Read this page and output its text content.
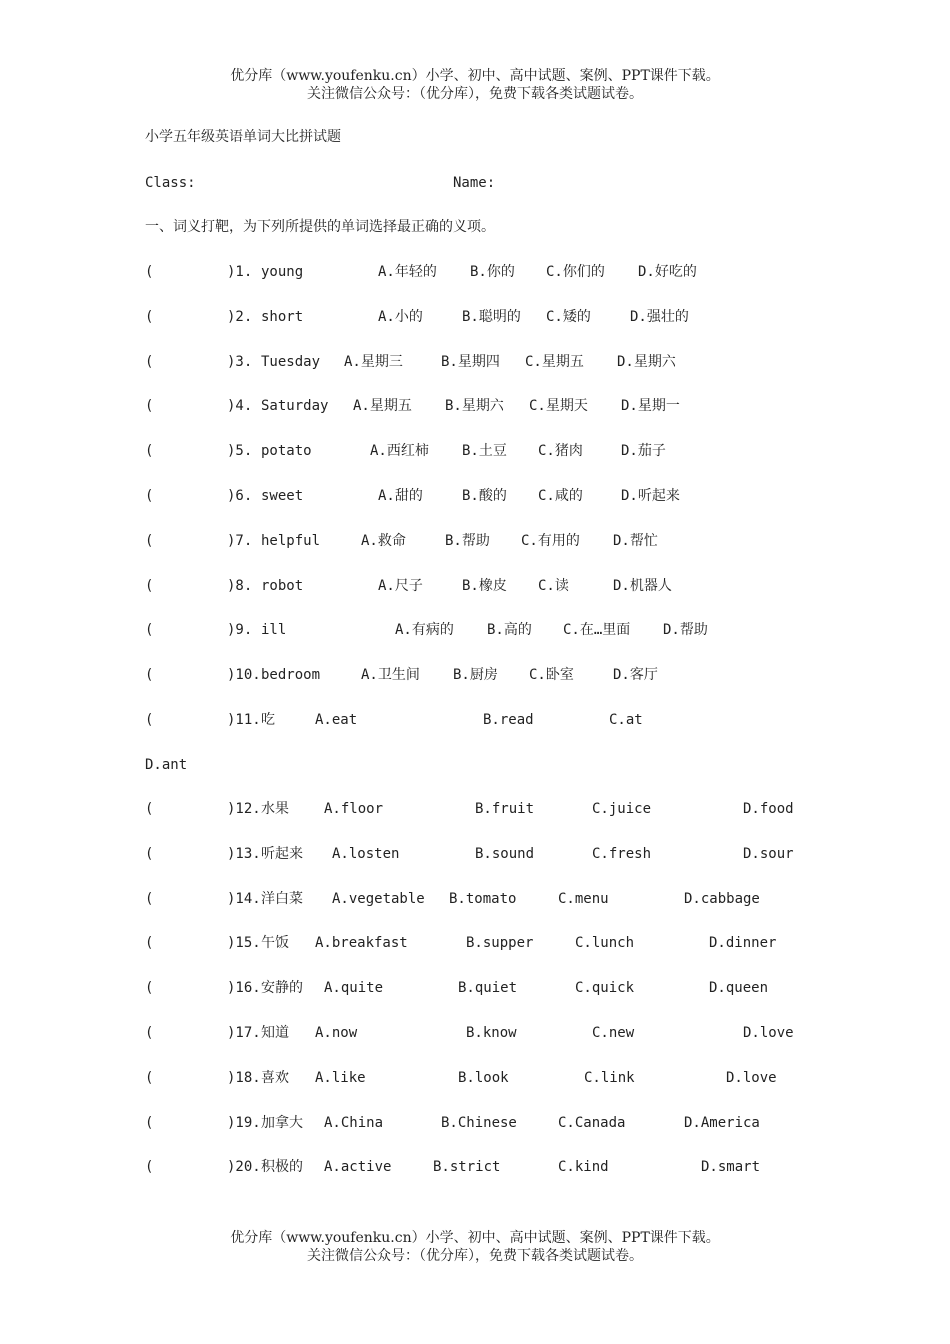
优分库（www.youfenku.cn）小学、初中、高中试题、案例、PPT课件下载。
关注微信公众号：（优分库），免费下载各类试题试卷。
小学五年级英语单词大比拼试题
Class:	Name:
一、词义打靶，为下列所提供的单词选择最正确的义项。
(	)1. young	A.年轻的 B.你的 C.你们的 D.好吃的
(	)2. short	A.小的	B.聪明的 C.矮的	D.强壮的
(	)3. Tuesday A.星期三	B.星期四 C.星期五 D.星期六
(	)4. Saturday A.星期五 B.星期六 C.星期天 D.星期一
(	)5. potato	A.西红柿 B.土豆 C.猪肉	D.茄子
(	)6. sweet	A.甜的	B.酸的 C.咸的	D.听起来
(	)7. helpful	A.救命	B.帮助 C.有用的 D.帮忙
(	)8. robot	A.尺子	B.橡皮 C.读	D.机器人
(	)9. ill	A.有病的 B.高的 C.在…里面 D.帮助
(	)10. bedroom	A.卫生间 B.厨房 C.卧室	D.客厅
(	)11. 吃	A.eat	B.read	C.at
D.ant
(	)12. 水果	A.floor	B.fruit	C.juice	D.food
(	)13. 听起来 A.losten	B.sound	C.fresh	D.sour
(	)14. 洋白菜 A.vegetable B.tomato	C.menu	D.cabbage
(	)15. 午饭 A.breakfast	B.supper	C.lunch	D.dinner
(	)16. 安静的 A.quite	B.quiet	C.quick	D.queen
(	)17. 知道 A.now	B.know	C.new	D.love
(	)18. 喜欢 A.like	B.look	C.link	D.love
(	)19. 加拿大 A.China	B.Chinese	C.Canada	D.America
(	)20. 积极的 A.active	B.strict	C.kind	D.smart
优分库（www.youfenku.cn）小学、初中、高中试题、案例、PPT课件下载。
关注微信公众号：（优分库），免费下载各类试题试卷。
